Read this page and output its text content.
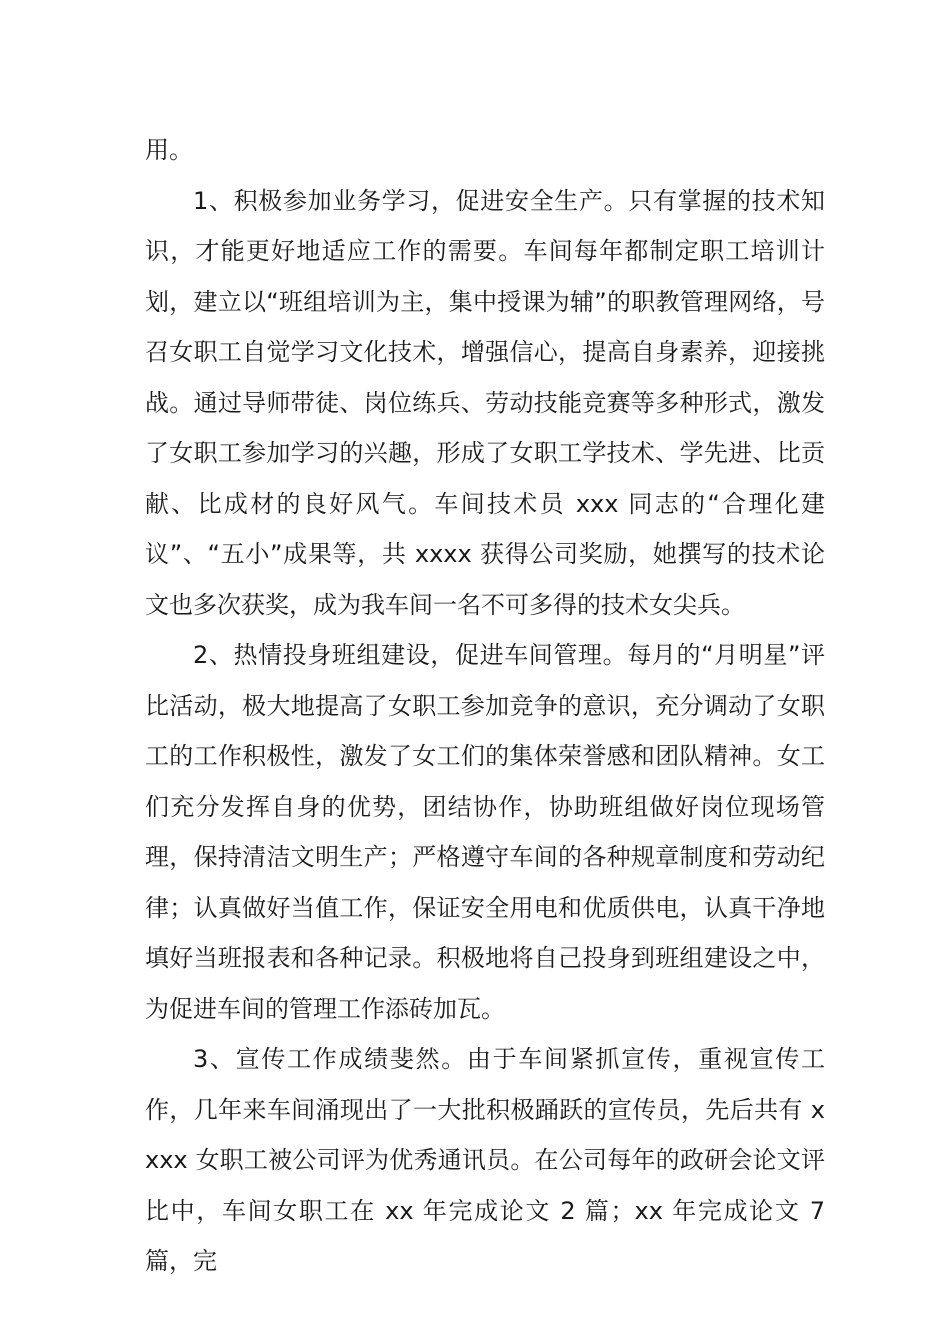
用。

1、积极参加业务学习，促进安全生产。只有掌握的技术知识，才能更好地适应工作的需要。车间每年都制定职工培训计划，建立以“班组培训为主，集中授课为辅”的职教管理网络，号召女职工自觉学习文化技术，增强信心，提高自身素养，迎接挑战。通过导师带徒、岗位练兵、劳动技能竞赛等多种形式，激发了女职工参加学习的兴趣，形成了女职工学技术、学先进、比贡献、比成材的良好风气。车间技术员 xxx 同志的“合理化建议”、“五小”成果等，共 xxxx 获得公司奖励，她撰写的技术论文也多次获奖，成为我车间一名不可多得的技术女尖兵。

2、热情投身班组建设，促进车间管理。每月的“月明星”评比活动，极大地提高了女职工参加竞争的意识，充分调动了女职工的工作积极性，激发了女工们的集体荣誉感和团队精神。女工们充分发挥自身的优势，团结协作，协助班组做好岗位现场管理，保持清洁文明生产；严格遵守车间的各种规章制度和劳动纪律；认真做好当值工作，保证安全用电和优质供电，认真干净地填好当班报表和各种记录。积极地将自己投身到班组建设之中，为促进车间的管理工作添砖加瓦。

3、宣传工作成绩斐然。由于车间紧抓宣传，重视宣传工作，几年来车间涌现出了一大批积极踊跃的宣传员，先后共有 xxxx 女职工被公司评为优秀通讯员。在公司每年的政研会论文评比中，车间女职工在 xx 年完成论文 2 篇；xx 年完成论文 7 篇，完
